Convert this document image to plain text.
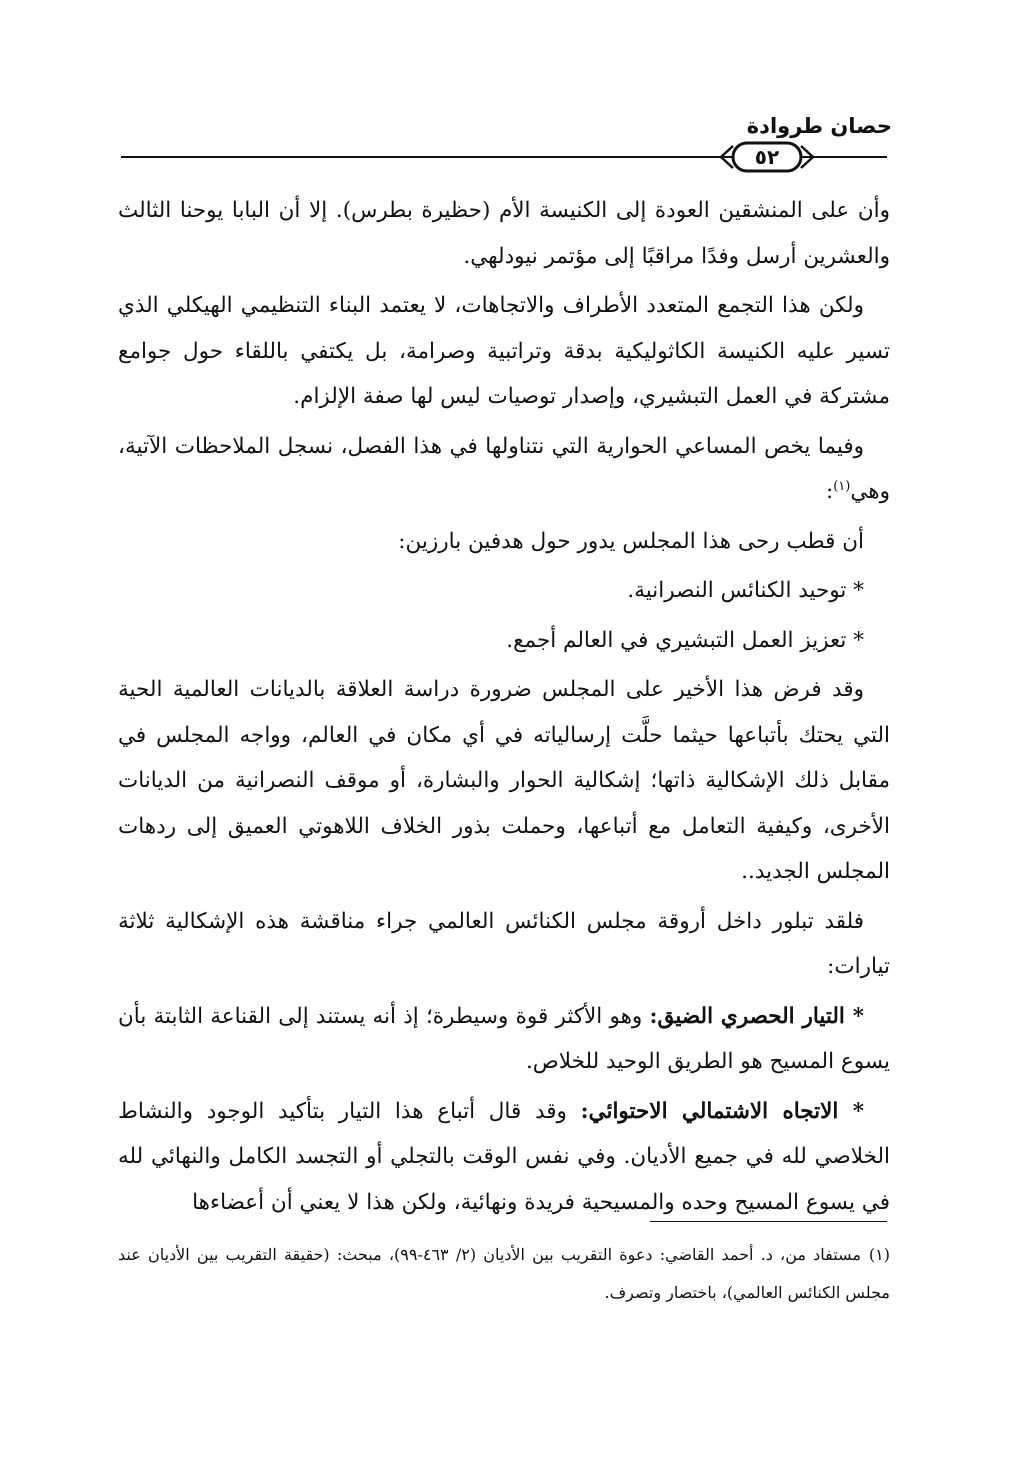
حصان طروادة
٥٢

وأن على المنشقين العودة إلى الكنيسة الأم (حظيرة بطرس). إلا أن البابا يوحنا الثالث والعشرين أرسل وفدًا مراقبًا إلى مؤتمر نيودلهي.

ولكن هذا التجمع المتعدد الأطراف والاتجاهات، لا يعتمد البناء التنظيمي الهيكلي الذي تسير عليه الكنيسة الكاثوليكية بدقة وتراتبية وصرامة، بل يكتفي باللقاء حول جوامع مشتركة في العمل التبشيري، وإصدار توصيات ليس لها صفة الإلزام.

وفيما يخص المساعي الحوارية التي نتناولها في هذا الفصل، نسجل الملاحظات الآتية، وهي$^{(١)}$:

أن قطب رحى هذا المجلس يدور حول هدفين بارزين:

* توحيد الكنائس النصرانية.

* تعزيز العمل التبشيري في العالم أجمع.

وقد فرض هذا الأخير على المجلس ضرورة دراسة العلاقة بالديانات العالمية الحية التي يحتك بأتباعها حيثما حلَّت إرسالياته في أي مكان في العالم، وواجه المجلس في مقابل ذلك الإشكالية ذاتها؛ إشكالية الحوار والبشارة، أو موقف النصرانية من الديانات الأخرى، وكيفية التعامل مع أتباعها، وحملت بذور الخلاف اللاهوتي العميق إلى ردهات المجلس الجديد..

فلقد تبلور داخل أروقة مجلس الكنائس العالمي جراء مناقشة هذه الإشكالية ثلاثة تيارات:

* التيار الحصري الضيق: وهو الأكثر قوة وسيطرة؛ إذ أنه يستند إلى القناعة الثابتة بأن يسوع المسيح هو الطريق الوحيد للخلاص.

* الاتجاه الاشتمالي الاحتوائي: وقد قال أتباع هذا التيار بتأكيد الوجود والنشاط الخلاصي لله في جميع الأديان. وفي نفس الوقت بالتجلي أو التجسد الكامل والنهائي لله في يسوع المسيح وحده والمسيحية فريدة ونهائية، ولكن هذا لا يعني أن أعضاءها

(١)مستفاد من، د. أحمد القاضي: دعوة التقريب بين الأديان (٢/ ٤٦٣-٩٩)، مبحث: (حقيقة التقريب بين الأديان عند مجلس الكنائس العالمي)، باختصار وتصرف.
